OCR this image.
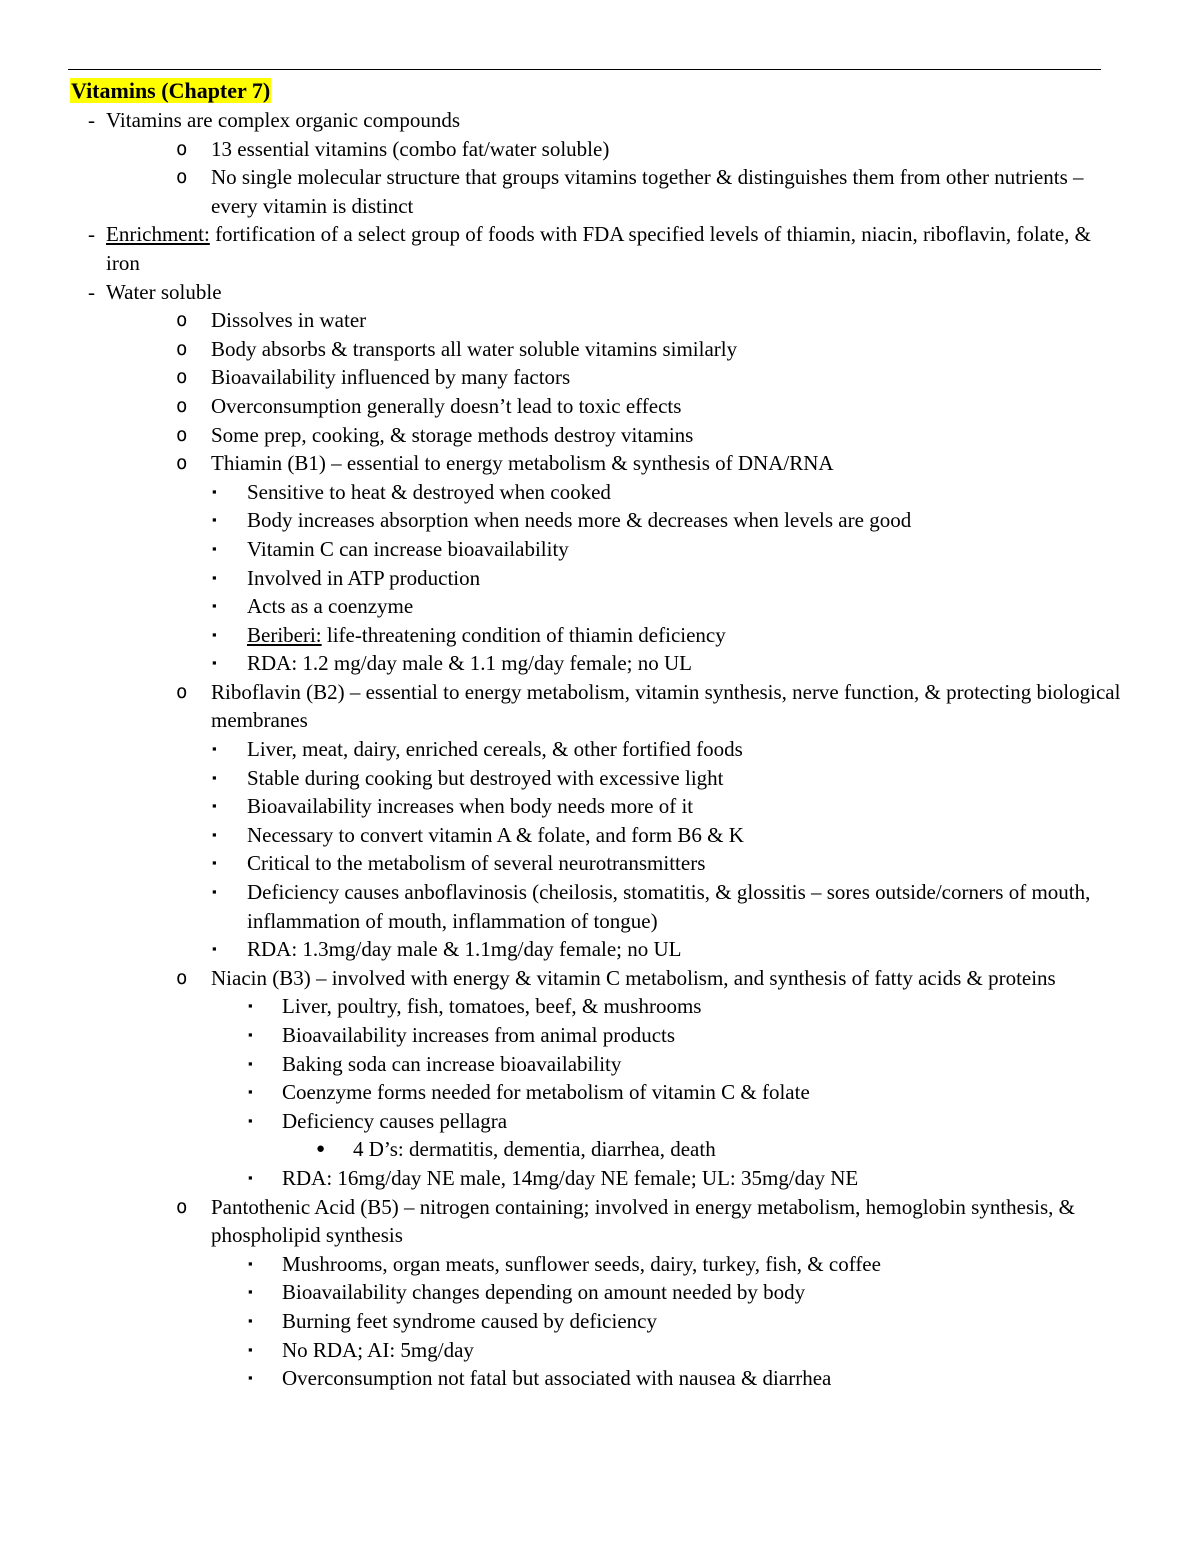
Vitamins (Chapter 7)
- Vitamins are complex organic compounds
o 13 essential vitamins (combo fat/water soluble)
o No single molecular structure that groups vitamins together & distinguishes them from other nutrients – every vitamin is distinct
- Enrichment: fortification of a select group of foods with FDA specified levels of thiamin, niacin, riboflavin, folate, & iron
- Water soluble
o Dissolves in water
o Body absorbs & transports all water soluble vitamins similarly
o Bioavailability influenced by many factors
o Overconsumption generally doesn’t lead to toxic effects
o Some prep, cooking, & storage methods destroy vitamins
o Thiamin (B1) – essential to energy metabolism & synthesis of DNA/RNA
▪ Sensitive to heat & destroyed when cooked
▪ Body increases absorption when needs more & decreases when levels are good
▪ Vitamin C can increase bioavailability
▪ Involved in ATP production
▪ Acts as a coenzyme
▪ Beriberi: life-threatening condition of thiamin deficiency
▪ RDA: 1.2 mg/day male & 1.1 mg/day female; no UL
o Riboflavin (B2) – essential to energy metabolism, vitamin synthesis, nerve function, & protecting biological membranes
▪ Liver, meat, dairy, enriched cereals, & other fortified foods
▪ Stable during cooking but destroyed with excessive light
▪ Bioavailability increases when body needs more of it
▪ Necessary to convert vitamin A & folate, and form B6 & K
▪ Critical to the metabolism of several neurotransmitters
▪ Deficiency causes anboflavinosis (cheilosis, stomatitis, & glossitis – sores outside/corners of mouth, inflammation of mouth, inflammation of tongue)
▪ RDA: 1.3mg/day male & 1.1mg/day female; no UL
o Niacin (B3) – involved with energy & vitamin C metabolism, and synthesis of fatty acids & proteins
▪ Liver, poultry, fish, tomatoes, beef, & mushrooms
▪ Bioavailability increases from animal products
▪ Baking soda can increase bioavailability
▪ Coenzyme forms needed for metabolism of vitamin C & folate
▪ Deficiency causes pellagra
● 4 D’s: dermatitis, dementia, diarrhea, death
▪ RDA: 16mg/day NE male, 14mg/day NE female; UL: 35mg/day NE
o Pantothenic Acid (B5) – nitrogen containing; involved in energy metabolism, hemoglobin synthesis, & phospholipid synthesis
▪ Mushrooms, organ meats, sunflower seeds, dairy, turkey, fish, & coffee
▪ Bioavailability changes depending on amount needed by body
▪ Burning feet syndrome caused by deficiency
▪ No RDA; AI: 5mg/day
▪ Overconsumption not fatal but associated with nausea & diarrhea
